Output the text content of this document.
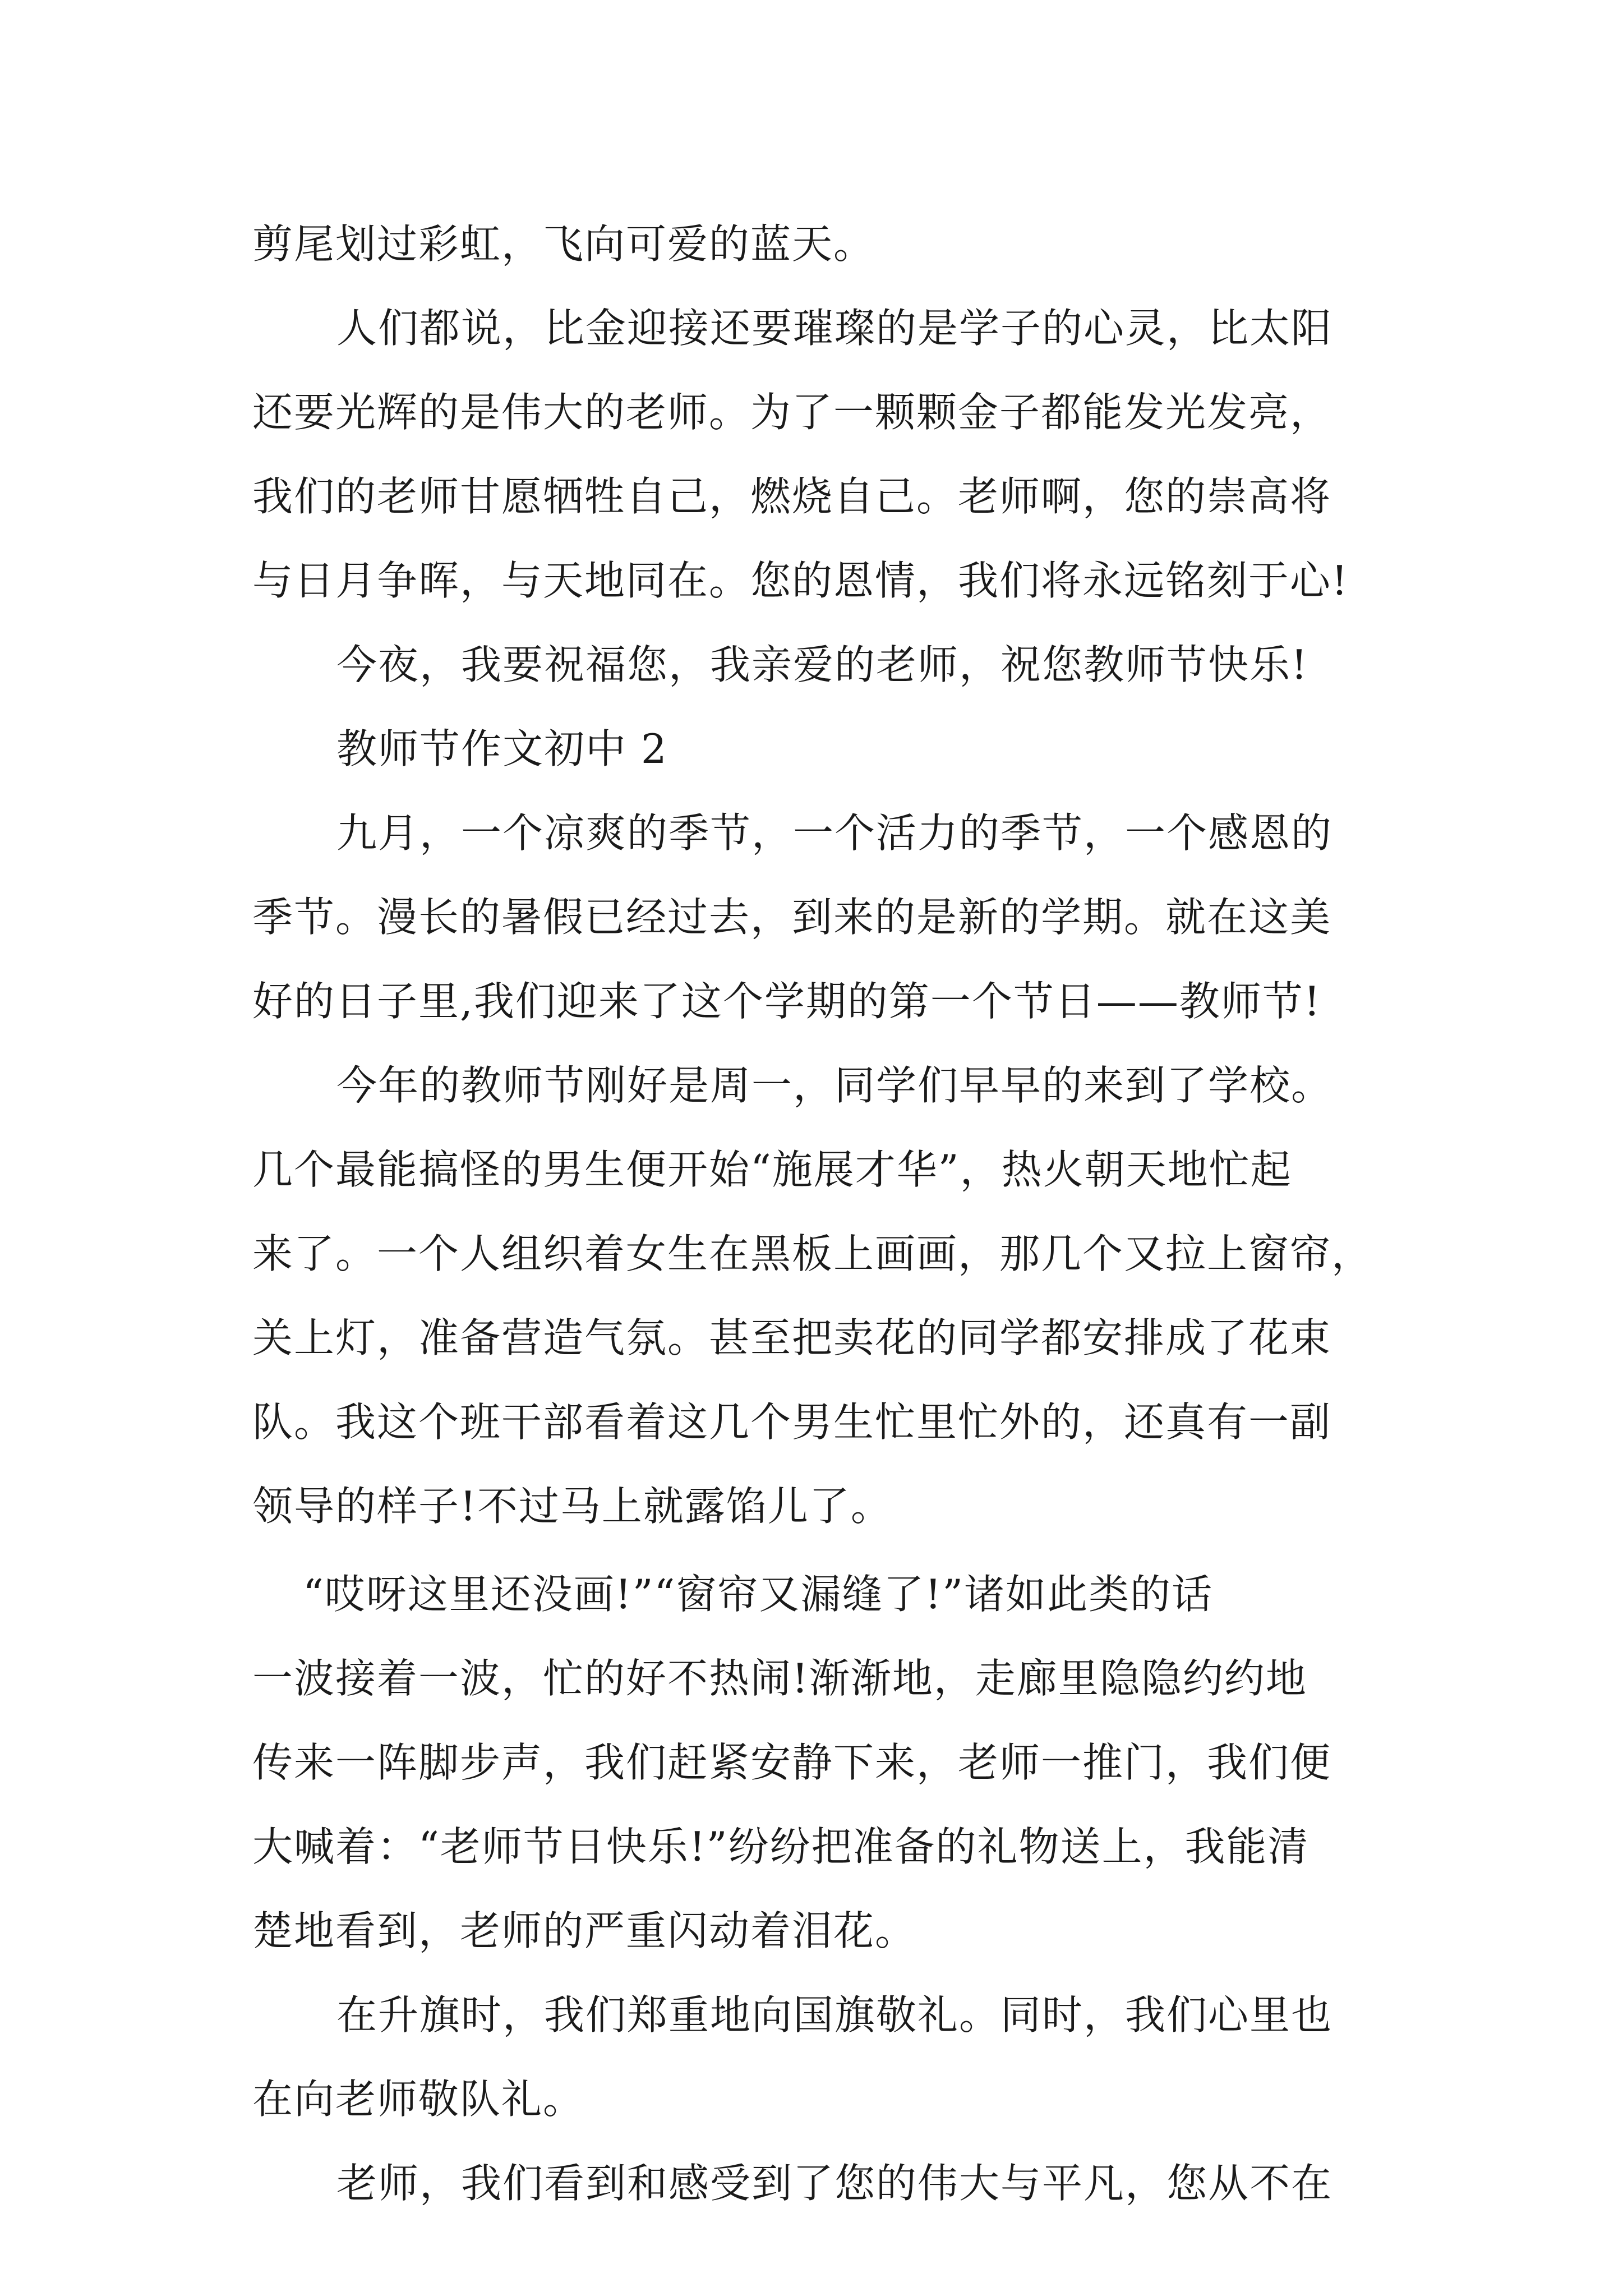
剪尾划过彩虹，飞向可爱的蓝天。

人们都说，比金迎接还要璀璨的是学子的心灵，比太阳

还要光辉的是伟大的老师。为了一颗颗金子都能发光发亮，

我们的老师甘愿牺牲自己，燃烧自己。老师啊，您的崇高将

与日月争晖，与天地同在。您的恩情，我们将永远铭刻于心!

今夜，我要祝福您，我亲爱的老师，祝您教师节快乐!

教师节作文初中 2

九月，一个凉爽的季节，一个活力的季节，一个感恩的

季节。漫长的暑假已经过去，到来的是新的学期。就在这美

好的日子里,我们迎来了这个学期的第一个节日——教师节!

今年的教师节刚好是周一，同学们早早的来到了学校。

几个最能搞怪的男生便开始“施展才华”，热火朝天地忙起

来了。一个人组织着女生在黑板上画画，那几个又拉上窗帘，

关上灯，准备营造气氛。甚至把卖花的同学都安排成了花束

队。我这个班干部看着这几个男生忙里忙外的，还真有一副

领导的样子!不过马上就露馅儿了。

“哎呀这里还没画!”“窗帘又漏缝了!”诸如此类的话

一波接着一波，忙的好不热闹!渐渐地，走廊里隐隐约约地

传来一阵脚步声，我们赶紧安静下来，老师一推门，我们便

大喊着：“老师节日快乐!”纷纷把准备的礼物送上，我能清

楚地看到，老师的严重闪动着泪花。

在升旗时，我们郑重地向国旗敬礼。同时，我们心里也

在向老师敬队礼。

老师，我们看到和感受到了您的伟大与平凡，您从不在
